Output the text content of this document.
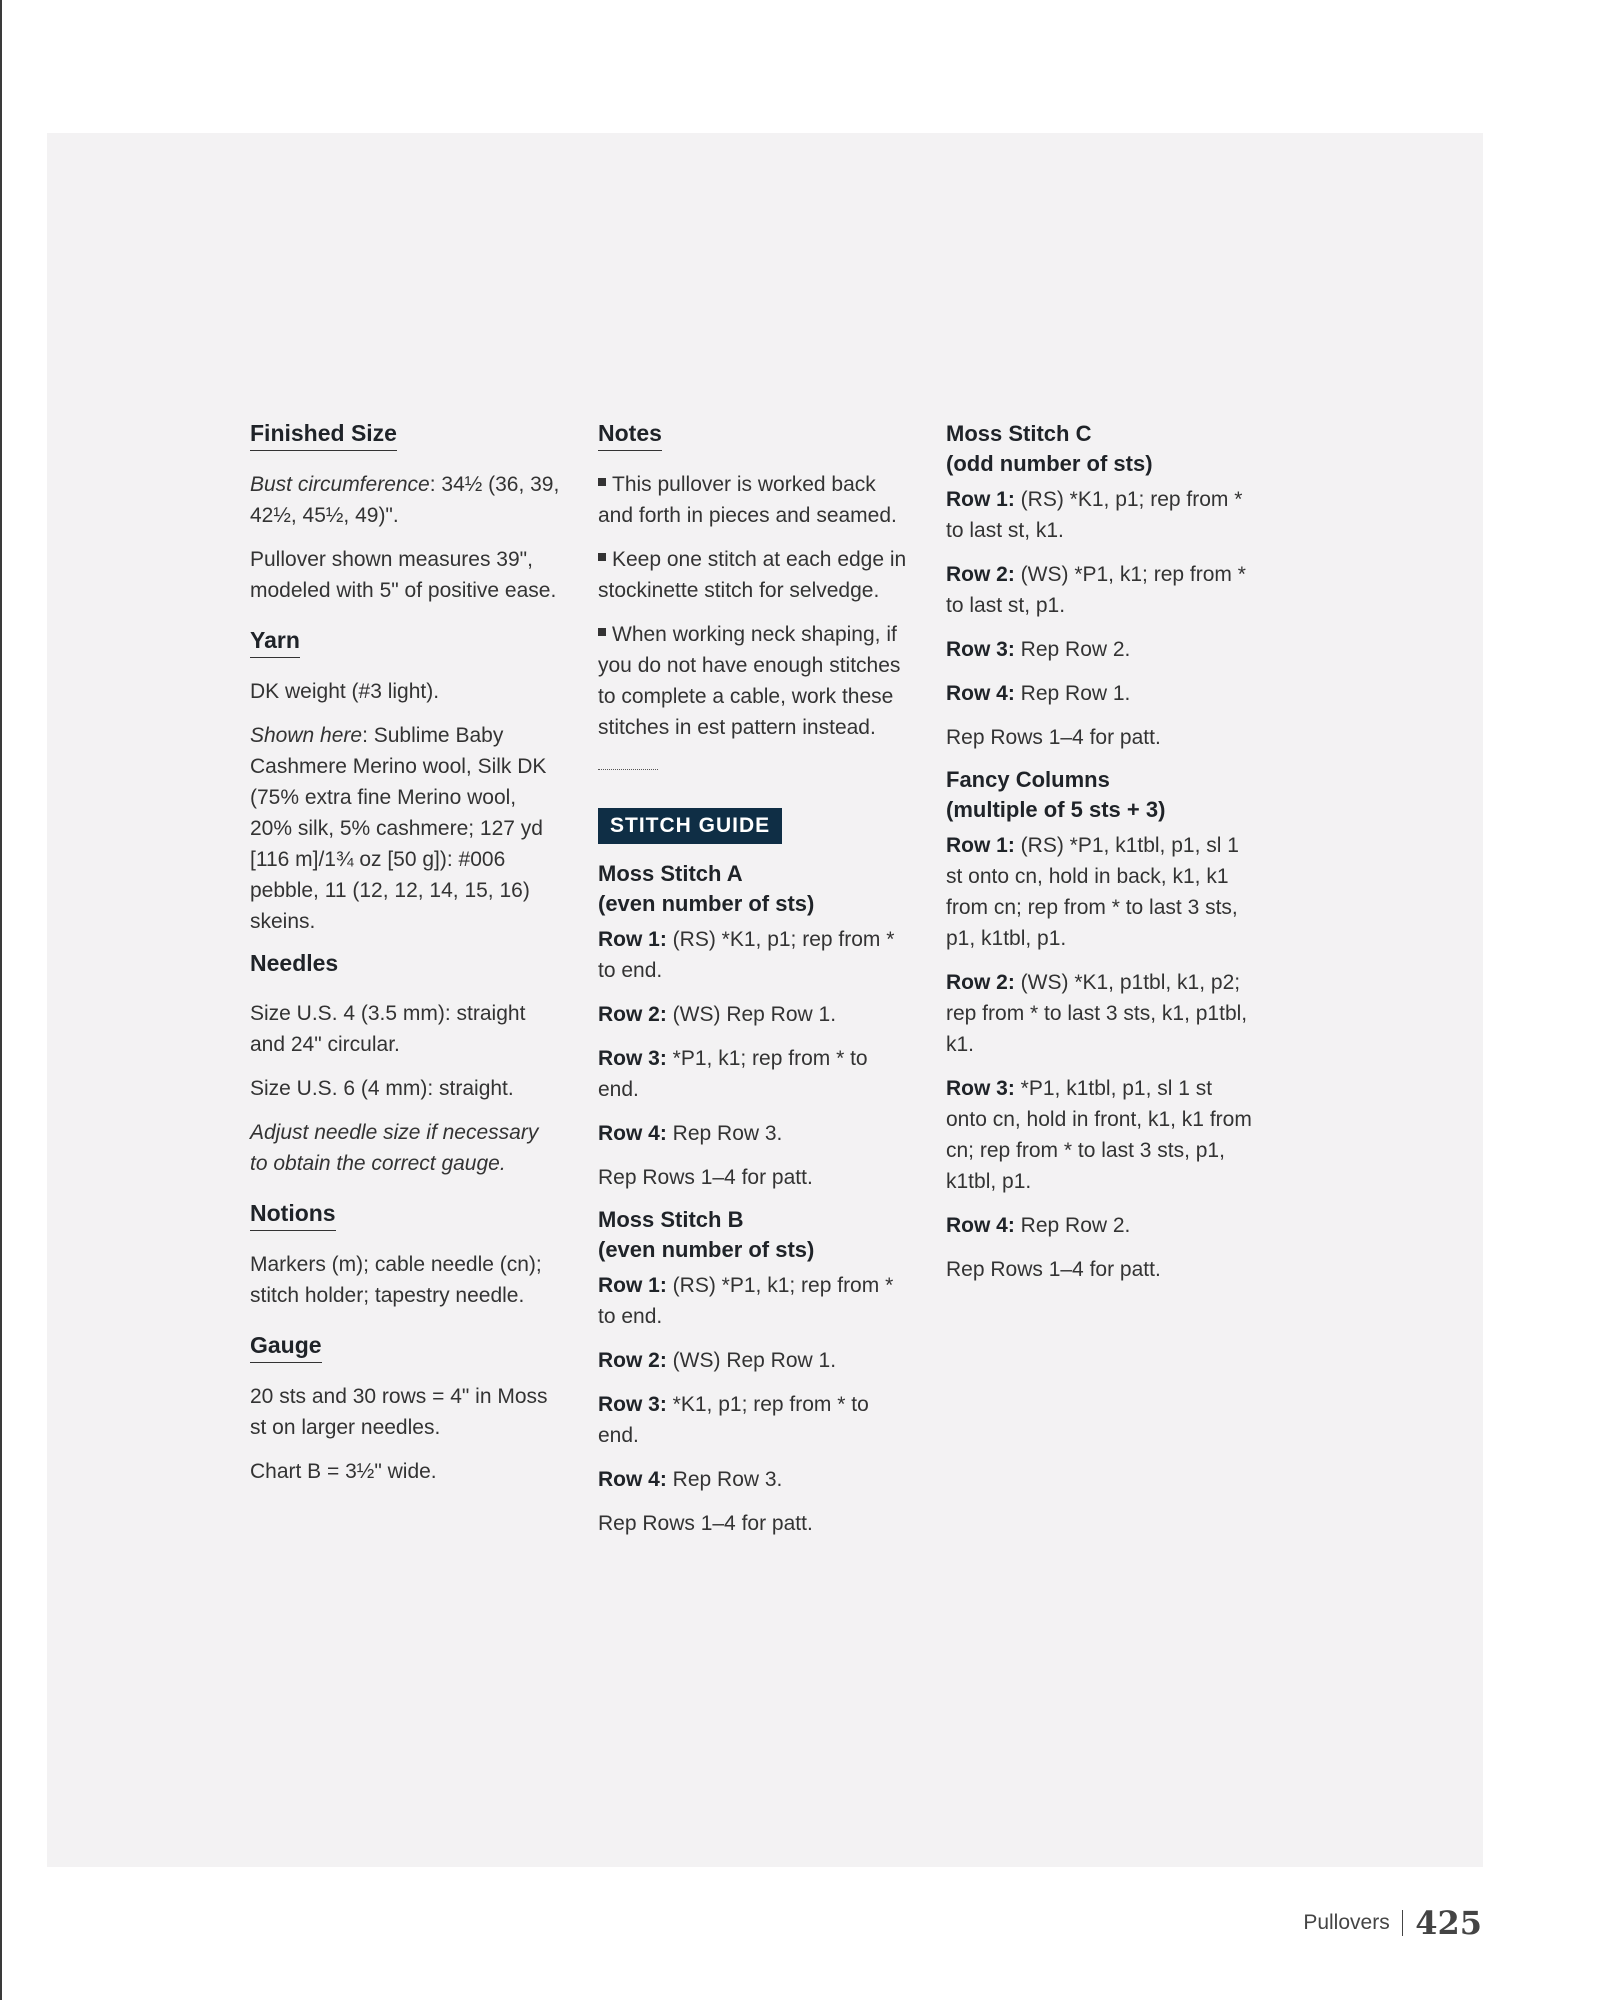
Finished Size

Bust circumference: 34½ (36, 39, 42½, 45½, 49)".

Pullover shown measures 39", modeled with 5" of positive ease.

Yarn

DK weight (#3 light).

Shown here: Sublime Baby Cashmere Merino wool, Silk DK (75% extra fine Merino wool, 20% silk, 5% cashmere; 127 yd [116 m]/1¾ oz [50 g]): #006 pebble, 11 (12, 12, 14, 15, 16) skeins.

Needles

Size U.S. 4 (3.5 mm): straight and 24" circular.

Size U.S. 6 (4 mm): straight.

Adjust needle size if necessary to obtain the correct gauge.

Notions

Markers (m); cable needle (cn); stitch holder; tapestry needle.

Gauge

20 sts and 30 rows = 4" in Moss st on larger needles.

Chart B = 3½" wide.

Notes

This pullover is worked back and forth in pieces and seamed.

Keep one stitch at each edge in stockinette stitch for selvedge.

When working neck shaping, if you do not have enough stitches to complete a cable, work these stitches in est pattern instead.

STITCH GUIDE
Moss Stitch A
(even number of sts)

Row 1: (RS) *K1, p1; rep from * to end.

Row 2: (WS) Rep Row 1.

Row 3: *P1, k1; rep from * to end.

Row 4: Rep Row 3.

Rep Rows 1–4 for patt.

Moss Stitch B
(even number of sts)

Row 1: (RS) *P1, k1; rep from * to end.

Row 2: (WS) Rep Row 1.

Row 3: *K1, p1; rep from * to end.

Row 4: Rep Row 3.

Rep Rows 1–4 for patt.

Moss Stitch C
(odd number of sts)

Row 1: (RS) *K1, p1; rep from * to last st, k1.

Row 2: (WS) *P1, k1; rep from * to last st, p1.

Row 3: Rep Row 2.

Row 4: Rep Row 1.

Rep Rows 1–4 for patt.

Fancy Columns
(multiple of 5 sts + 3)

Row 1: (RS) *P1, k1tbl, p1, sl 1 st onto cn, hold in back, k1, k1 from cn; rep from * to last 3 sts, p1, k1tbl, p1.

Row 2: (WS) *K1, p1tbl, k1, p2; rep from * to last 3 sts, k1, p1tbl, k1.

Row 3: *P1, k1tbl, p1, sl 1 st onto cn, hold in front, k1, k1 from cn; rep from * to last 3 sts, p1, k1tbl, p1.

Row 4: Rep Row 2.

Rep Rows 1–4 for patt.

Pullovers 425
